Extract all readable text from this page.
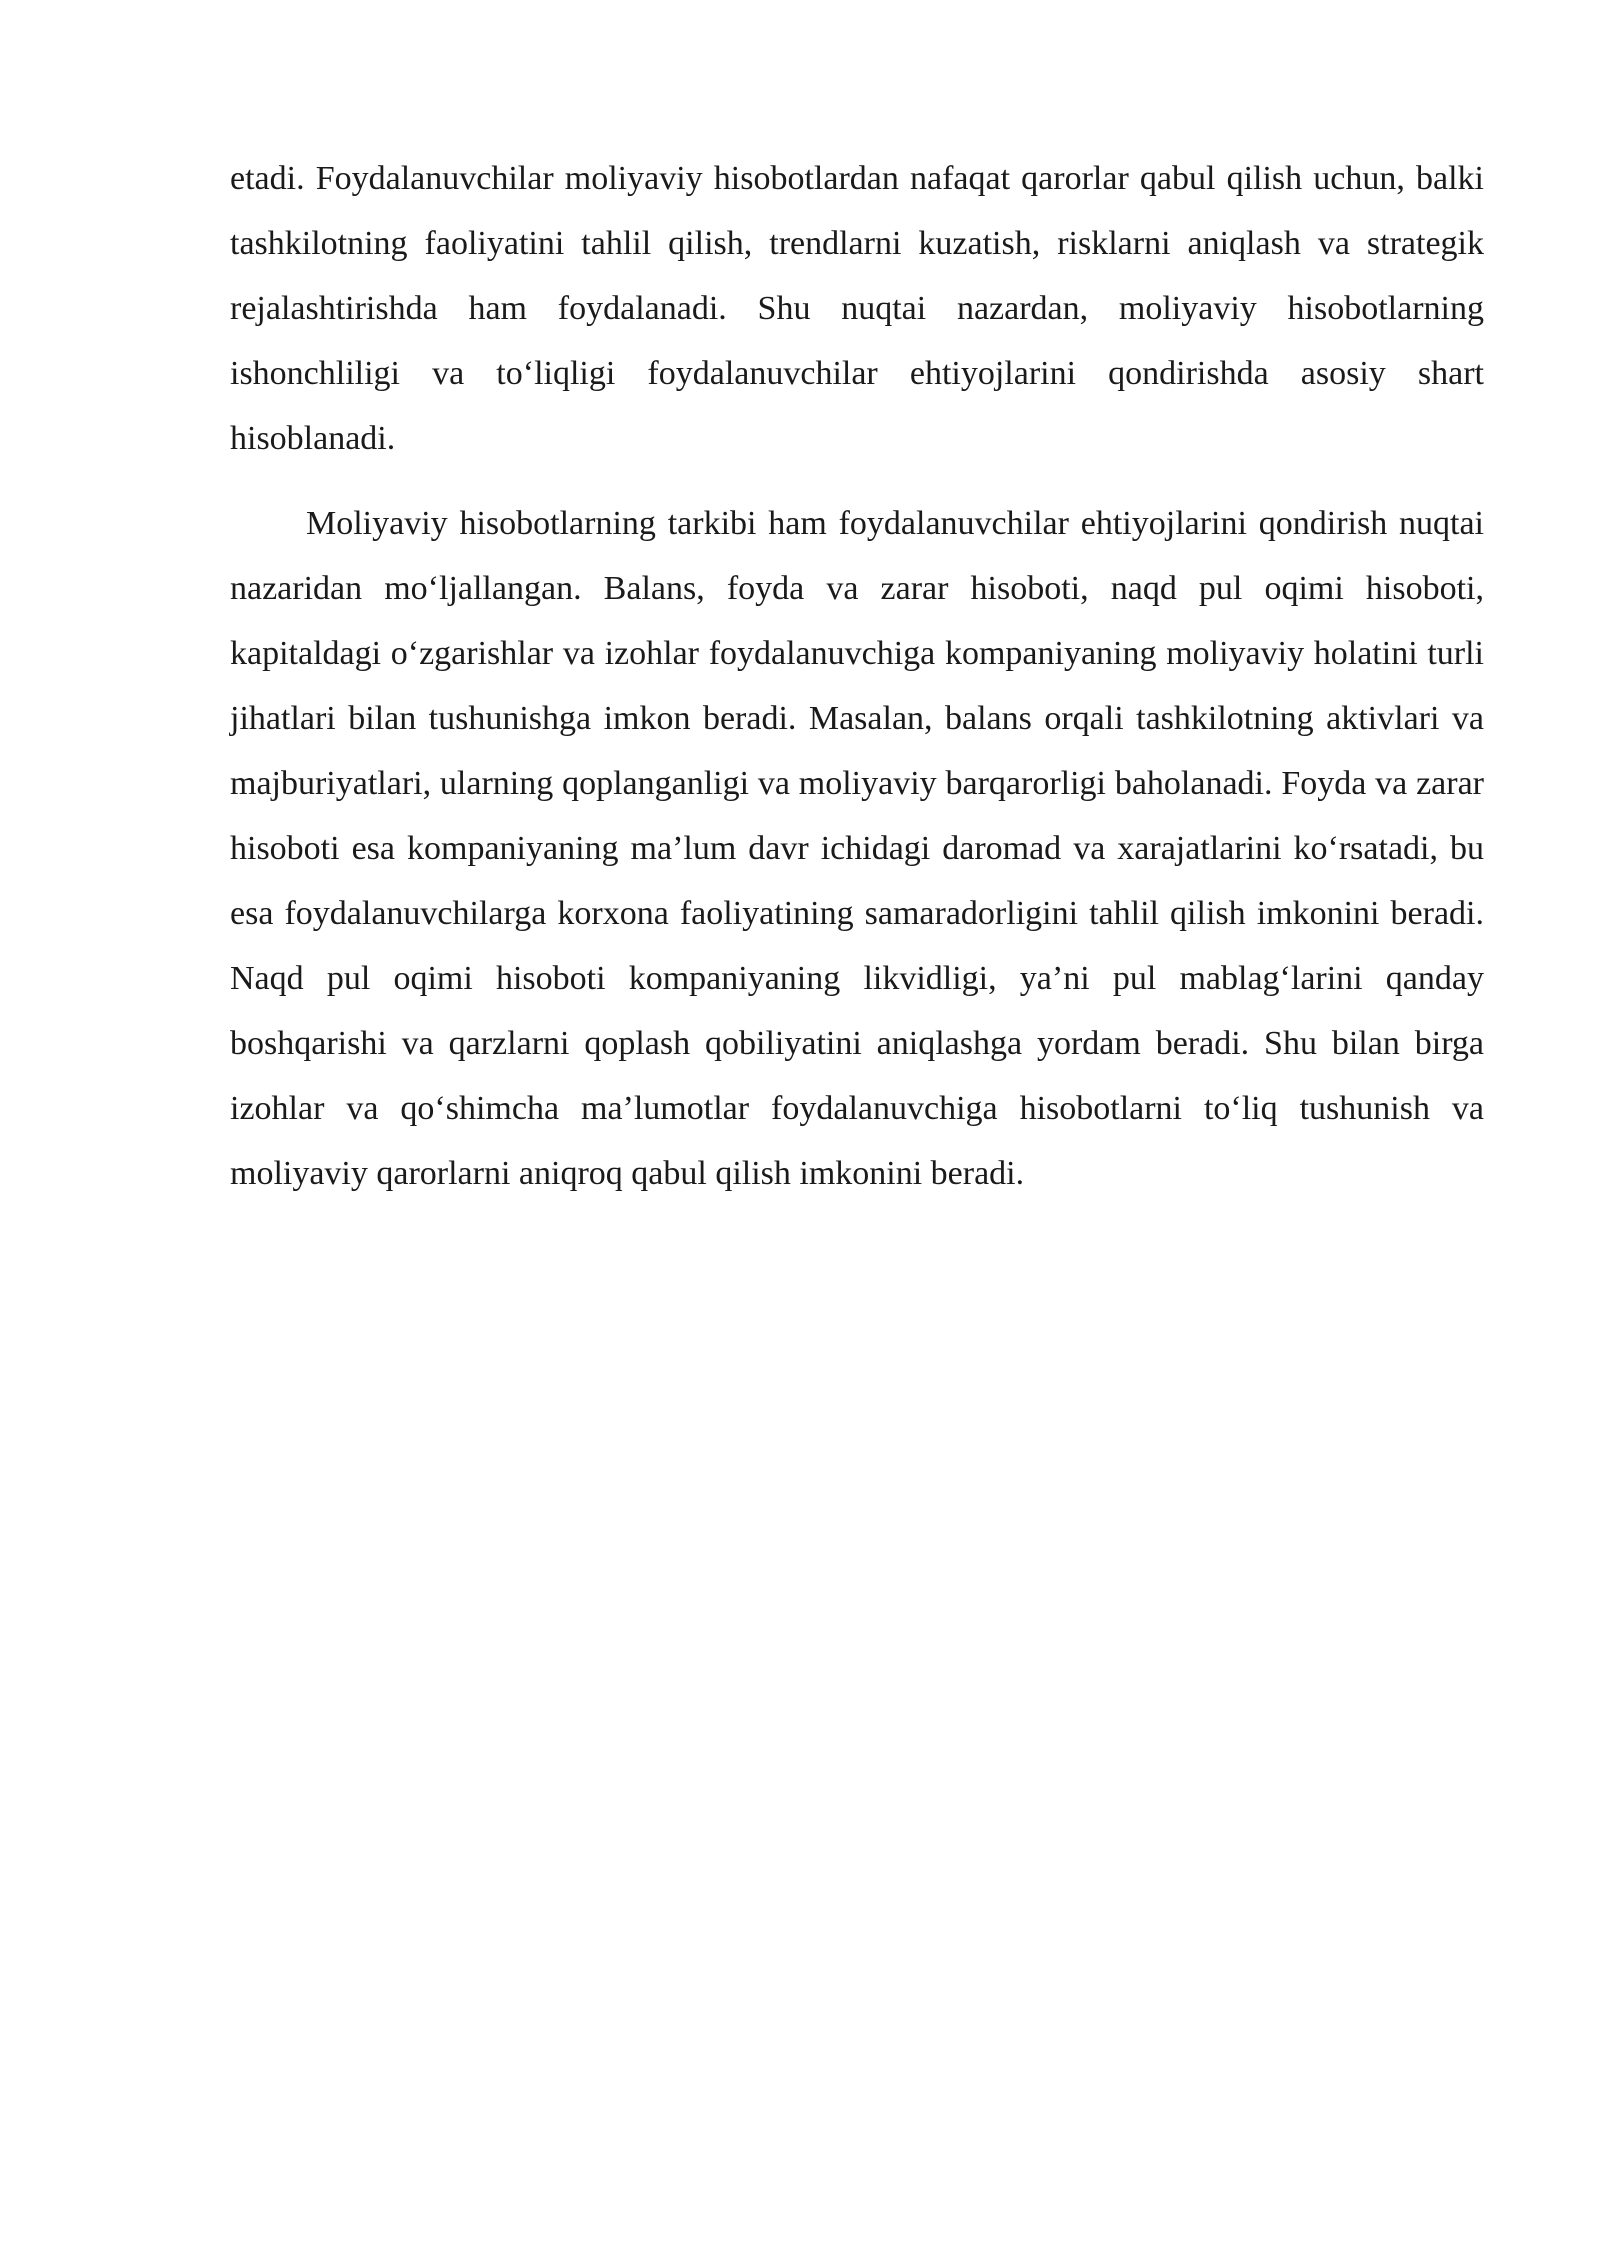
etadi. Foydalanuvchilar moliyaviy hisobotlardan nafaqat qarorlar qabul qilish uchun, balki tashkilotning faoliyatini tahlil qilish, trendlarni kuzatish, risklarni aniqlash va strategik rejalashtirishda ham foydalanadi. Shu nuqtai nazardan, moliyaviy hisobotlarning ishonchliligi va to‘liqligi foydalanuvchilar ehtiyojlarini qondirishda asosiy shart hisoblanadi.

Moliyaviy hisobotlarning tarkibi ham foydalanuvchilar ehtiyojlarini qondirish nuqtai nazaridan mo‘ljallangan. Balans, foyda va zarar hisoboti, naqd pul oqimi hisoboti, kapitaldagi o‘zgarishlar va izohlar foydalanuvchiga kompaniyaning moliyaviy holatini turli jihatlari bilan tushunishga imkon beradi. Masalan, balans orqali tashkilotning aktivlari va majburiyatlari, ularning qoplanganligi va moliyaviy barqarorligi baholanadi. Foyda va zarar hisoboti esa kompaniyaning ma’lum davr ichidagi daromad va xarajatlarini ko‘rsatadi, bu esa foydalanuvchilarga korxona faoliyatining samaradorligini tahlil qilish imkonini beradi. Naqd pul oqimi hisoboti kompaniyaning likvidligi, ya’ni pul mablag‘larini qanday boshqarishi va qarzlarni qoplash qobiliyatini aniqlashga yordam beradi. Shu bilan birga izohlar va qo‘shimcha ma’lumotlar foydalanuvchiga hisobotlarni to‘liq tushunish va moliyaviy qarorlarni aniqroq qabul qilish imkonini beradi.
